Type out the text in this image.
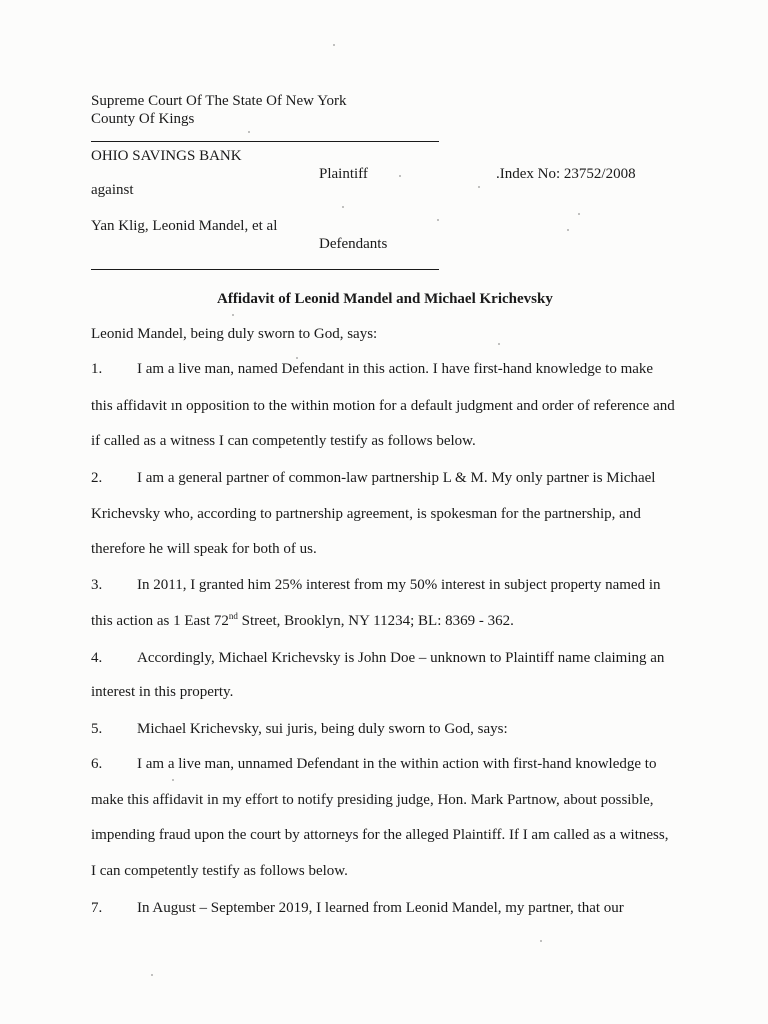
Supreme Court Of The State Of New York
County Of Kings
OHIO SAVINGS BANK
Plaintiff	.Index No: 23752/2008
against
Yan Klig, Leonid Mandel, et al
Defendants
Affidavit of Leonid Mandel and Michael Krichevsky
Leonid Mandel, being duly sworn to God, says:
1. I am a live man, named Defendant in this action. I have first-hand knowledge to make
this affidavit ın opposition to the within motion for a default judgment and order of reference and
if called as a witness I can competently testify as follows below.
2. I am a general partner of common-law partnership L & M. My only partner is Michael
Krichevsky who, according to partnership agreement, is spokesman for the partnership, and
therefore he will speak for both of us.
3. In 2011, I granted him 25% interest from my 50% interest in subject property named in
this action as 1 East 72nd Street, Brooklyn, NY 11234; BL: 8369 - 362.
4. Accordingly, Michael Krichevsky is John Doe – unknown to Plaintiff name claiming an
interest in this property.
5. Michael Krichevsky, sui juris, being duly sworn to God, says:
6. I am a live man, unnamed Defendant in the within action with first-hand knowledge to
make this affidavit in my effort to notify presiding judge, Hon. Mark Partnow, about possible,
impending fraud upon the court by attorneys for the alleged Plaintiff. If I am called as a witness,
I can competently testify as follows below.
7. In August – September 2019, I learned from Leonid Mandel, my partner, that our
